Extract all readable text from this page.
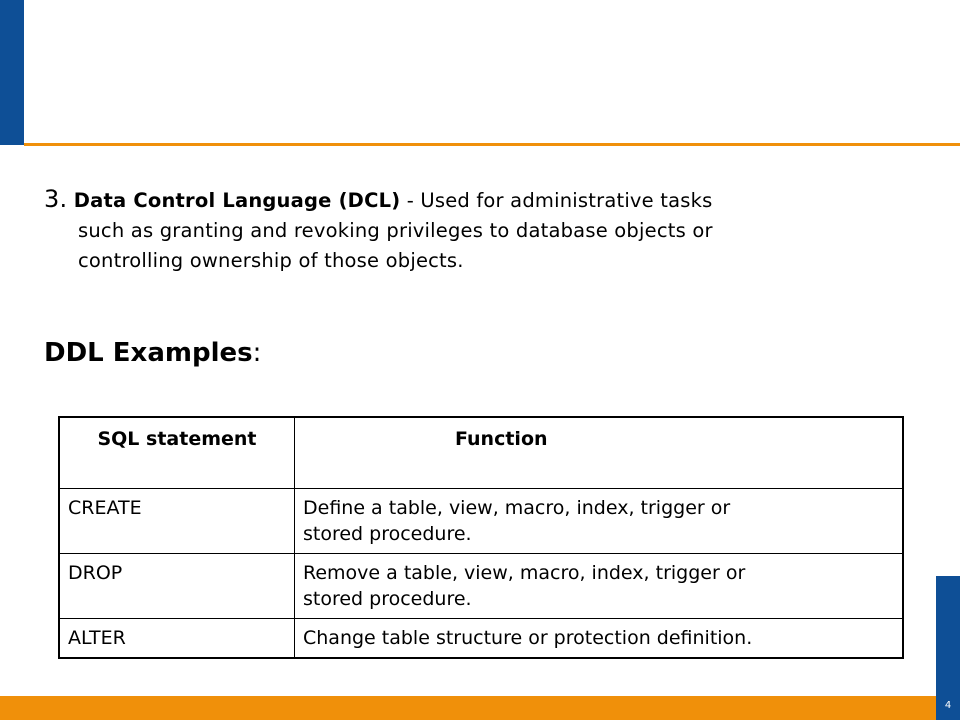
4
3. Data Control Language (DCL) - Used for administrative tasks
such as granting and revoking privileges to database objects or
controlling ownership of those objects.
DDL Examples:
SQL statement	Function
CREATE	Define a table, view, macro, index, trigger or
stored procedure.

DROP	Remove a table, view, macro, index, trigger or
stored procedure.

ALTER	Change table structure or protection definition.
